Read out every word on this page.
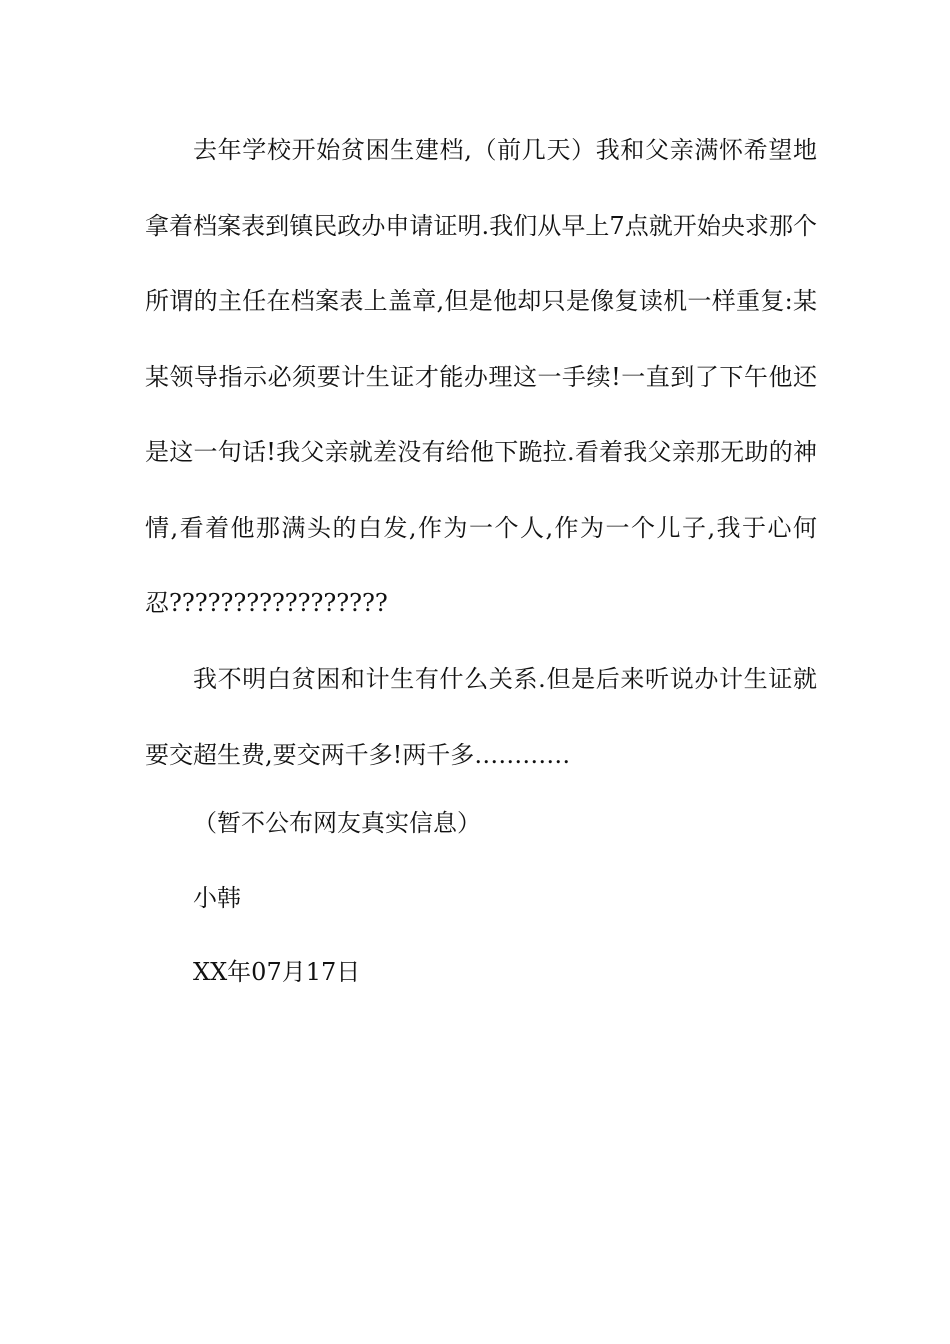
去年学校开始贫困生建档,（前几天）我和父亲满怀希望地拿着档案表到镇民政办申请证明.我们从早上7点就开始央求那个所谓的主任在档案表上盖章,但是他却只是像复读机一样重复:某某领导指示必须要计生证才能办理这一手续!一直到了下午他还是这一句话!我父亲就差没有给他下跪拉.看着我父亲那无助的神情,看着他那满头的白发,作为一个人,作为一个儿子,我于心何忍?????????????????

我不明白贫困和计生有什么关系.但是后来听说办计生证就要交超生费,要交两千多!两千多…………

（暂不公布网友真实信息）

小韩

XX年07月17日
